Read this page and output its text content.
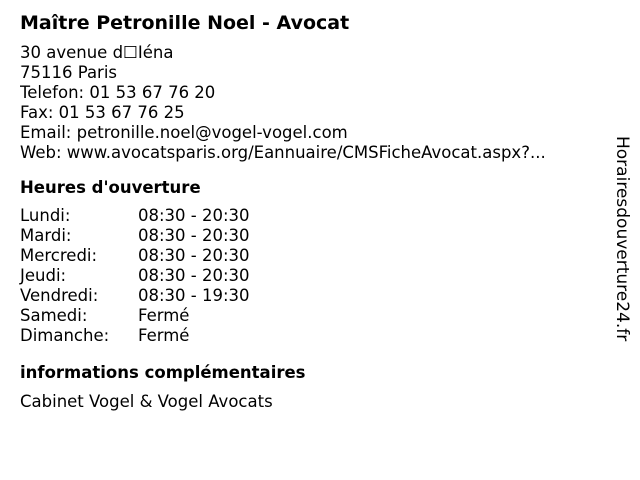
Maître Petronille Noel - Avocat
30 avenue d☐Iéna
75116 Paris
Telefon: 01 53 67 76 20
Fax: 01 53 67 76 25
Email: petronille.noel@vogel-vogel.com
Web: www.avocatsparis.org/Eannuaire/CMSFicheAvocat.aspx?...
Heures d'ouverture
Lundi:	08:30 - 20:30
Mardi:	08:30 - 20:30
Mercredi:	08:30 - 20:30
Jeudi:	08:30 - 20:30
Vendredi:	08:30 - 19:30
Samedi:	Fermé
Dimanche:	Fermé
informations complémentaires
Cabinet Vogel & Vogel Avocats
Horairesdouverture24.fr
